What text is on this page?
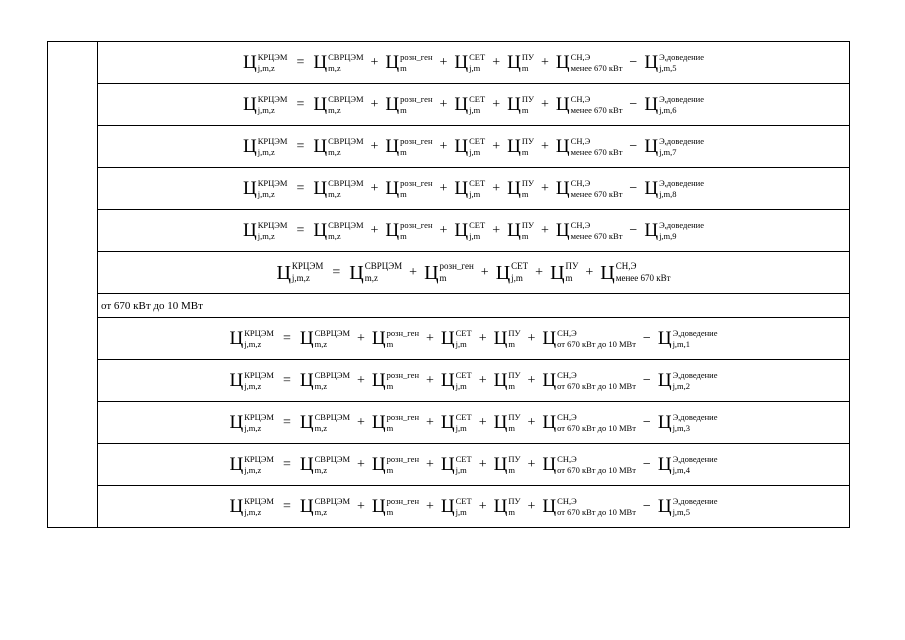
	Ц КРЦЭМ
j,m,z	= Ц СВРЦЭМ
m,z	+ Ц розн_ген
m	+ Ц СЕТ
j,m + Ц ПУ
m + Ц СН,Э
менее 670 кВт − Ц Э,доведение
j,m,5

Ц КРЦЭМ
j,m,z	= Ц СВРЦЭМ
m,z	+ Ц розн_ген
m	+ Ц СЕТ
j,m + Ц ПУ
m + Ц СН,Э
менее 670 кВт − Ц Э,доведение
j,m,6

Ц КРЦЭМ
j,m,z	= Ц СВРЦЭМ
m,z	+ Ц розн_ген
m	+ Ц СЕТ
j,m + Ц ПУ
m + Ц СН,Э
менее 670 кВт − Ц Э,доведение
j,m,7

Ц КРЦЭМ
j,m,z	= Ц СВРЦЭМ
m,z	+ Ц розн_ген
m	+ Ц СЕТ
j,m + Ц ПУ
m + Ц СН,Э
менее 670 кВт − Ц Э,доведение
j,m,8

Ц КРЦЭМ
j,m,z	= Ц СВРЦЭМ
m,z	+ Ц розн_ген
m	+ Ц СЕТ
j,m + Ц ПУ
m + Ц СН,Э
менее 670 кВт − Ц Э,доведение
j,m,9

Ц КРЦЭМ
j,m,z	= Ц СВРЦЭМ
m,z	+ Ц розн_ген
m	+ Ц СЕТ
j,m + Ц ПУ
m + Ц СН,Э
менее 670 кВт

от 670 кВт до 10 МВт
Ц КРЦЭМ
j,m,z	= Ц СВРЦЭМ
m,z	+ Ц розн_ген
m	+ Ц СЕТ
j,m + Ц ПУ
m + Ц СН,Э
от 670 кВт до 10 МВт − Ц Э,доведение
j,m,1

Ц КРЦЭМ
j,m,z	= Ц СВРЦЭМ
m,z	+ Ц розн_ген
m	+ Ц СЕТ
j,m + Ц ПУ
m + Ц СН,Э
от 670 кВт до 10 МВт − Ц Э,доведение
j,m,2

Ц КРЦЭМ
j,m,z	= Ц СВРЦЭМ
m,z	+ Ц розн_ген
m	+ Ц СЕТ
j,m + Ц ПУ
m + Ц СН,Э
от 670 кВт до 10 МВт − Ц Э,доведение
j,m,3

Ц КРЦЭМ
j,m,z	= Ц СВРЦЭМ
m,z	+ Ц розн_ген
m	+ Ц СЕТ
j,m + Ц ПУ
m + Ц СН,Э
от 670 кВт до 10 МВт − Ц Э,доведение
j,m,4

Ц КРЦЭМ
j,m,z	= Ц СВРЦЭМ
m,z	+ Ц розн_ген
m	+ Ц СЕТ
j,m + Ц ПУ
m + Ц СН,Э
от 670 кВт до 10 МВт − Ц Э,доведение
j,m,5
